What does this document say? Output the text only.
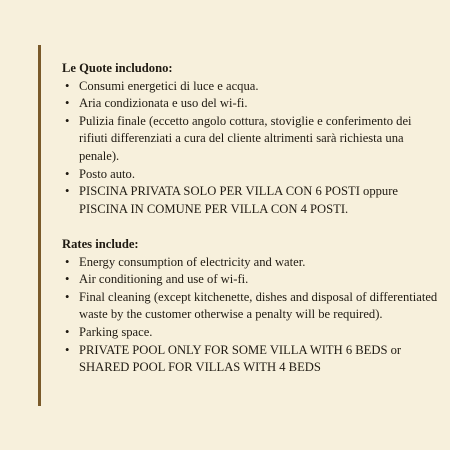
Le Quote includono:

• Consumi energetici di luce e acqua.
• Aria condizionata e uso del wi-fi.
• Pulizia finale (eccetto angolo cottura, stoviglie e conferimento dei rifiuti differenziati a cura del cliente altrimenti sarà richiesta una penale).
• Posto auto.
• PISCINA PRIVATA SOLO PER VILLA CON 6 POSTI oppure PISCINA IN COMUNE PER VILLA CON 4 POSTI.

Rates include:

• Energy consumption of electricity and water.
• Air conditioning and use of wi-fi.
• Final cleaning (except kitchenette, dishes and disposal of differentiated waste by the customer otherwise a penalty will be required).
• Parking space.
• PRIVATE POOL ONLY FOR SOME VILLA WITH 6 BEDS or SHARED POOL FOR VILLAS WITH 4 BEDS
